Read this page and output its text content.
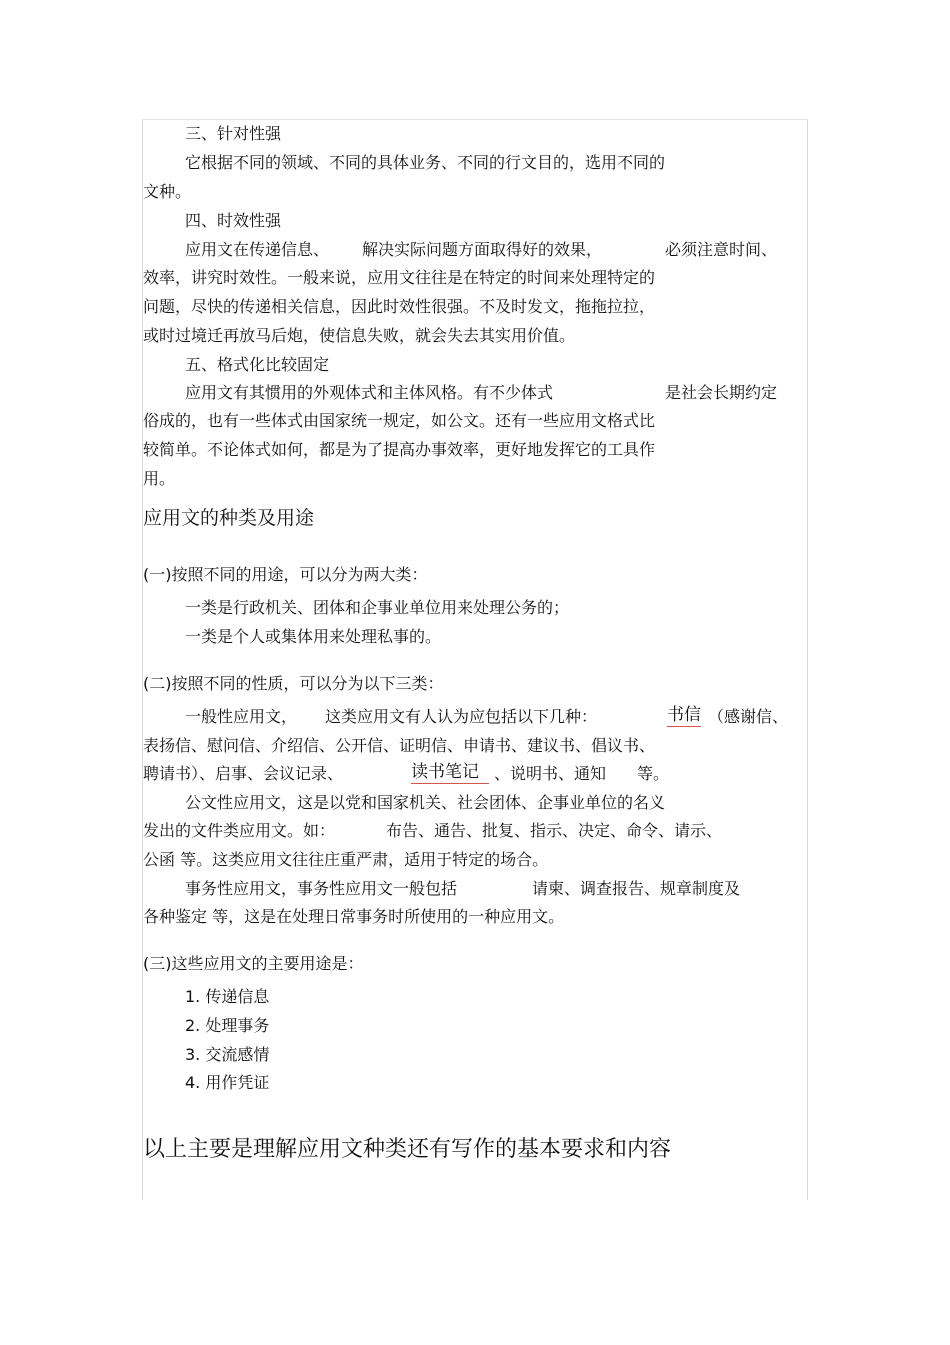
三、针对性强
它根据不同的领域、不同的具体业务、不同的行文目的，选用不同的
文种。
四、时效性强
应用文在传递信息、 解决实际问题方面取得好的效果，	必须注意时间、
效率，讲究时效性。一般来说，应用文往往是在特定的时间来处理特定的
问题，尽快的传递相关信息，因此时效性很强。不及时发文，拖拖拉拉，
或时过境迁再放马后炮，使信息失败，就会失去其实用价值。
五、格式化比较固定
应用文有其惯用的外观体式和主体风格。有不少体式	是社会长期约定
俗成的，也有一些体式由国家统一规定，如公文。还有一些应用文格式比
较简单。不论体式如何，都是为了提高办事效率，更好地发挥它的工具作
用。
应用文的种类及用途
(一)按照不同的用途，可以分为两大类：
一类是行政机关、团体和企事业单位用来处理公务的；
一类是个人或集体用来处理私事的。
(二)按照不同的性质，可以分为以下三类：
一般性应用文， 这类应用文有人认为应包括以下几种：	书信 （感谢信、
表扬信、慰问信、介绍信、公开信、证明信、申请书、建议书、倡议书、
聘请书）、启事、会议记录、	读书笔记 、说明书、通知 等。
公文性应用文，这是以党和国家机关、社会团体、企事业单位的名义
发出的文件类应用文。如：	布告、通告、批复、指示、决定、命令、请示、
公函 等。这类应用文往往庄重严肃，适用于特定的场合。
事务性应用文，事务性应用文一般包括	请柬、调查报告、规章制度及
各种鉴定 等，这是在处理日常事务时所使用的一种应用文。
(三)这些应用文的主要用途是：
1. 传递信息
2. 处理事务
3. 交流感情
4. 用作凭证
以上主要是理解应用文种类还有写作的基本要求和内容
